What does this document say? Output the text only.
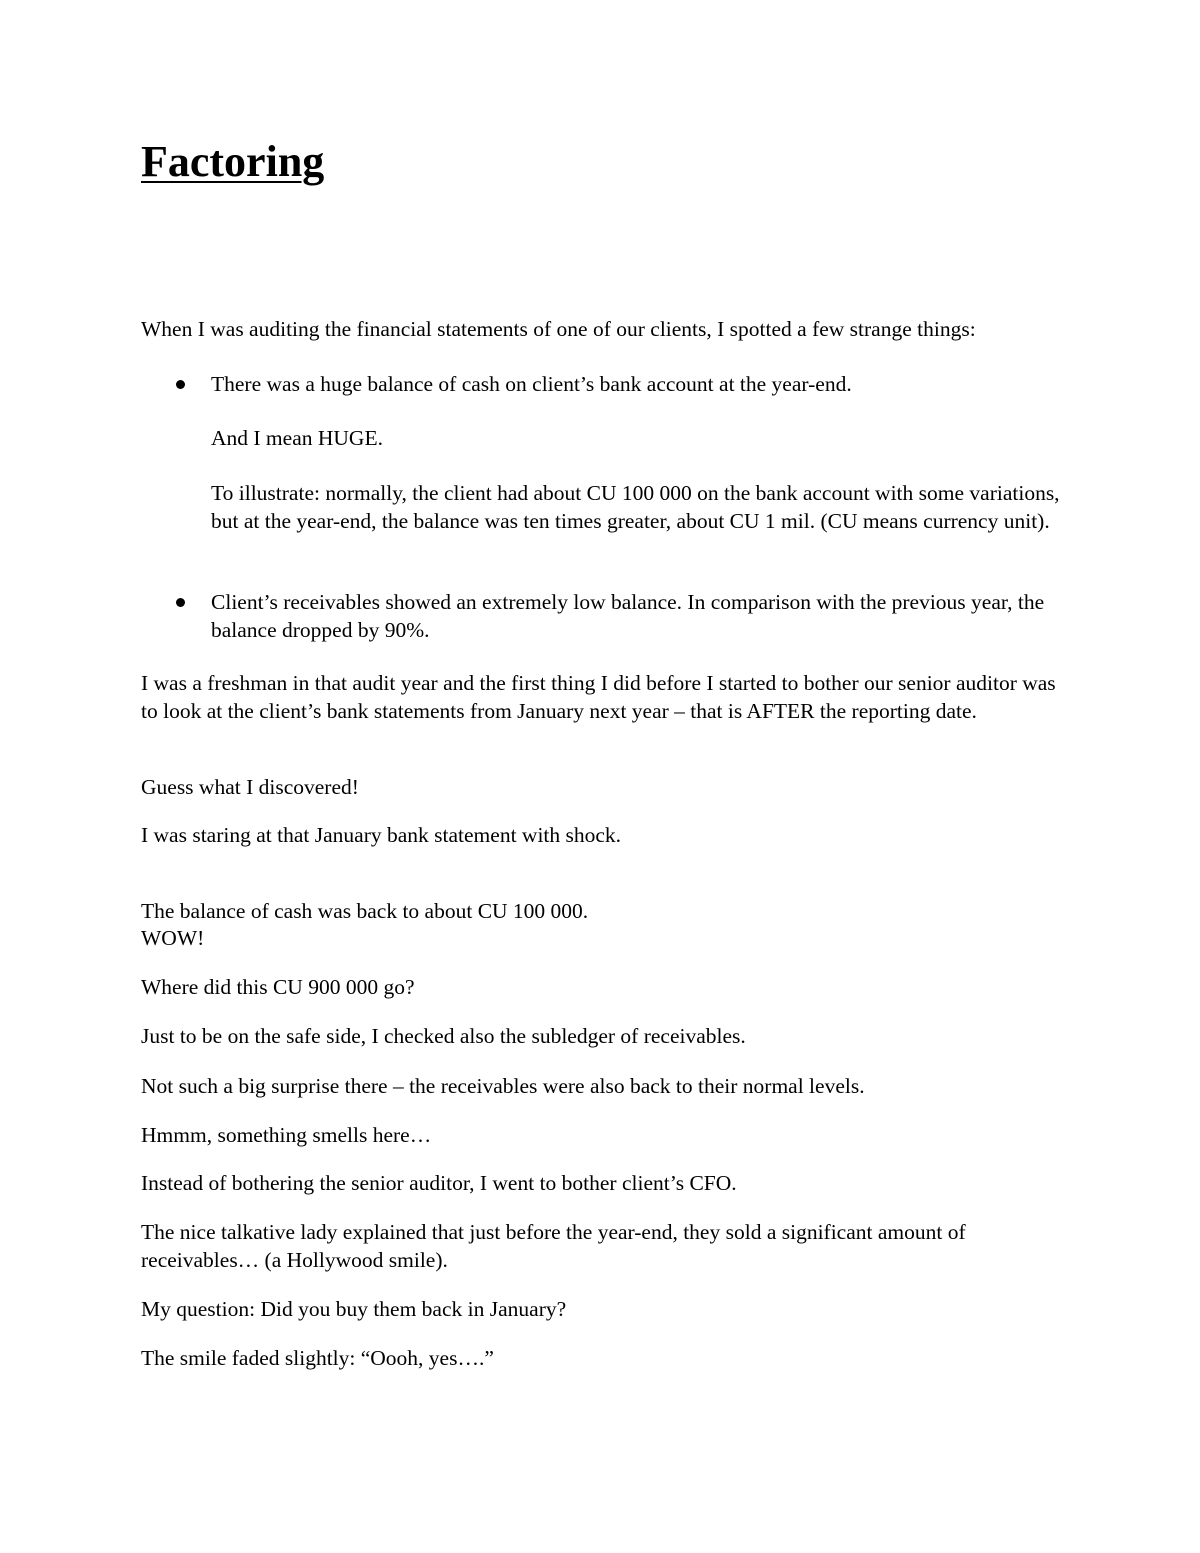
Factoring

When I was auditing the financial statements of one of our clients, I spotted a few strange things:

There was a huge balance of cash on client’s bank account at the year-end.

And I mean HUGE.

To illustrate: normally, the client had about CU 100 000 on the bank account with some variations, but at the year-end, the balance was ten times greater, about CU 1 mil. (CU means currency unit).

Client’s receivables showed an extremely low balance. In comparison with the previous year, the balance dropped by 90%.

I was a freshman in that audit year and the first thing I did before I started to bother our senior auditor was to look at the client’s bank statements from January next year – that is AFTER the reporting date.

Guess what I discovered!

I was staring at that January bank statement with shock.

The balance of cash was back to about CU 100 000.

WOW!

Where did this CU 900 000 go?

Just to be on the safe side, I checked also the subledger of receivables.

Not such a big surprise there – the receivables were also back to their normal levels.

Hmmm, something smells here…

Instead of bothering the senior auditor, I went to bother client’s CFO.

The nice talkative lady explained that just before the year-end, they sold a significant amount of receivables… (a Hollywood smile).

My question: Did you buy them back in January?

The smile faded slightly: “Oooh, yes….”
